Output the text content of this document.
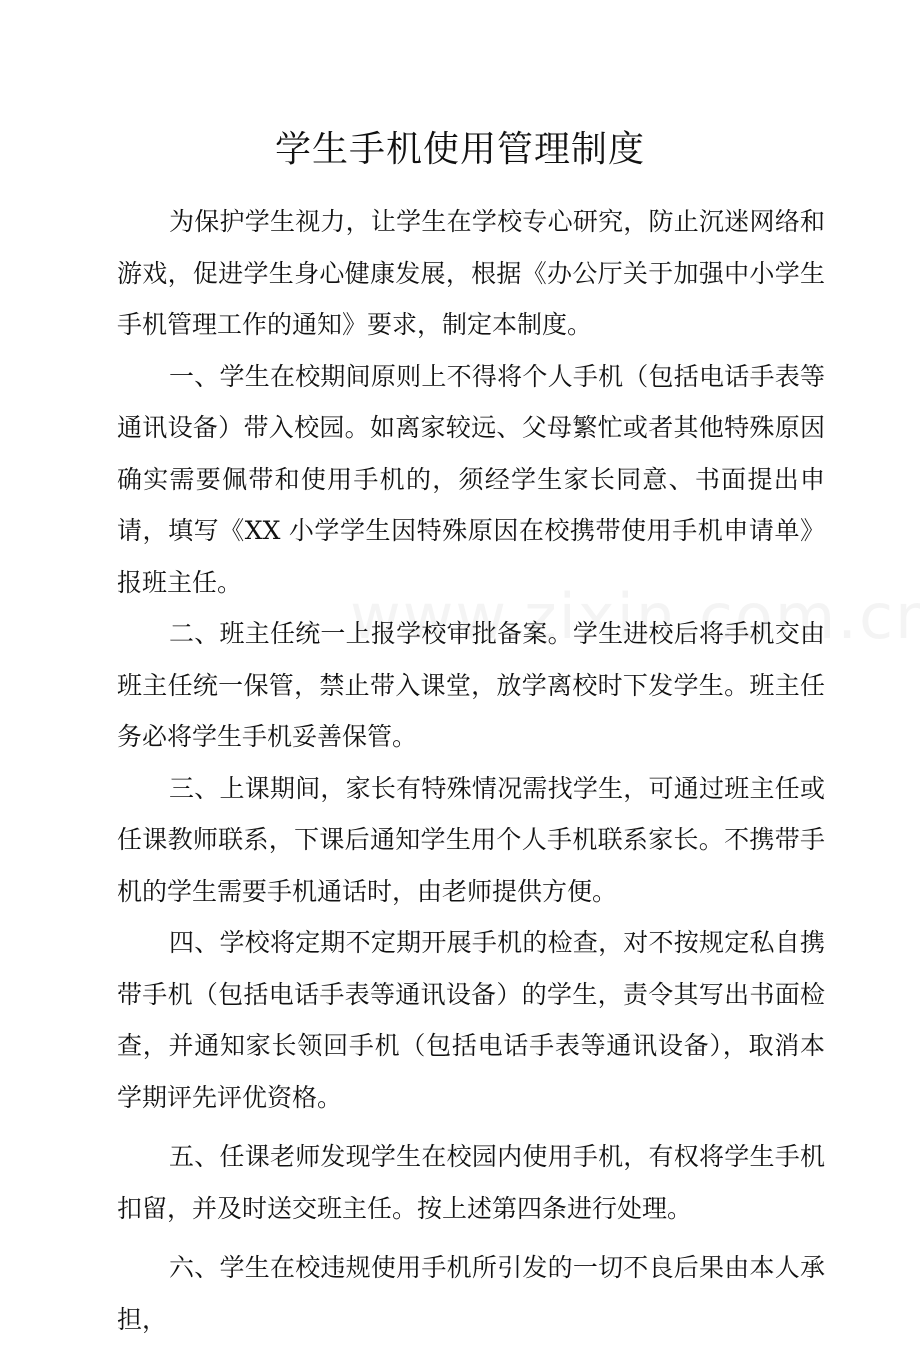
学生手机使用管理制度

为保护学生视力，让学生在学校专心研究，防止沉迷网络和游戏，促进学生身心健康发展，根据《办公厅关于加强中小学生手机管理工作的通知》要求，制定本制度。

一、学生在校期间原则上不得将个人手机（包括电话手表等通讯设备）带入校园。如离家较远、父母繁忙或者其他特殊原因确实需要佩带和使用手机的，须经学生家长同意、书面提出申请，填写《XX 小学学生因特殊原因在校携带使用手机申请单》报班主任。

二、班主任统一上报学校审批备案。学生进校后将手机交由班主任统一保管，禁止带入课堂，放学离校时下发学生。班主任务必将学生手机妥善保管。

三、上课期间，家长有特殊情况需找学生，可通过班主任或任课教师联系，下课后通知学生用个人手机联系家长。不携带手机的学生需要手机通话时，由老师提供方便。

四、学校将定期不定期开展手机的检查，对不按规定私自携带手机（包括电话手表等通讯设备）的学生，责令其写出书面检查，并通知家长领回手机（包括电话手表等通讯设备），取消本学期评先评优资格。

五、任课老师发现学生在校园内使用手机，有权将学生手机扣留，并及时送交班主任。按上述第四条进行处理。

六、学生在校违规使用手机所引发的一切不良后果由本人承担，
